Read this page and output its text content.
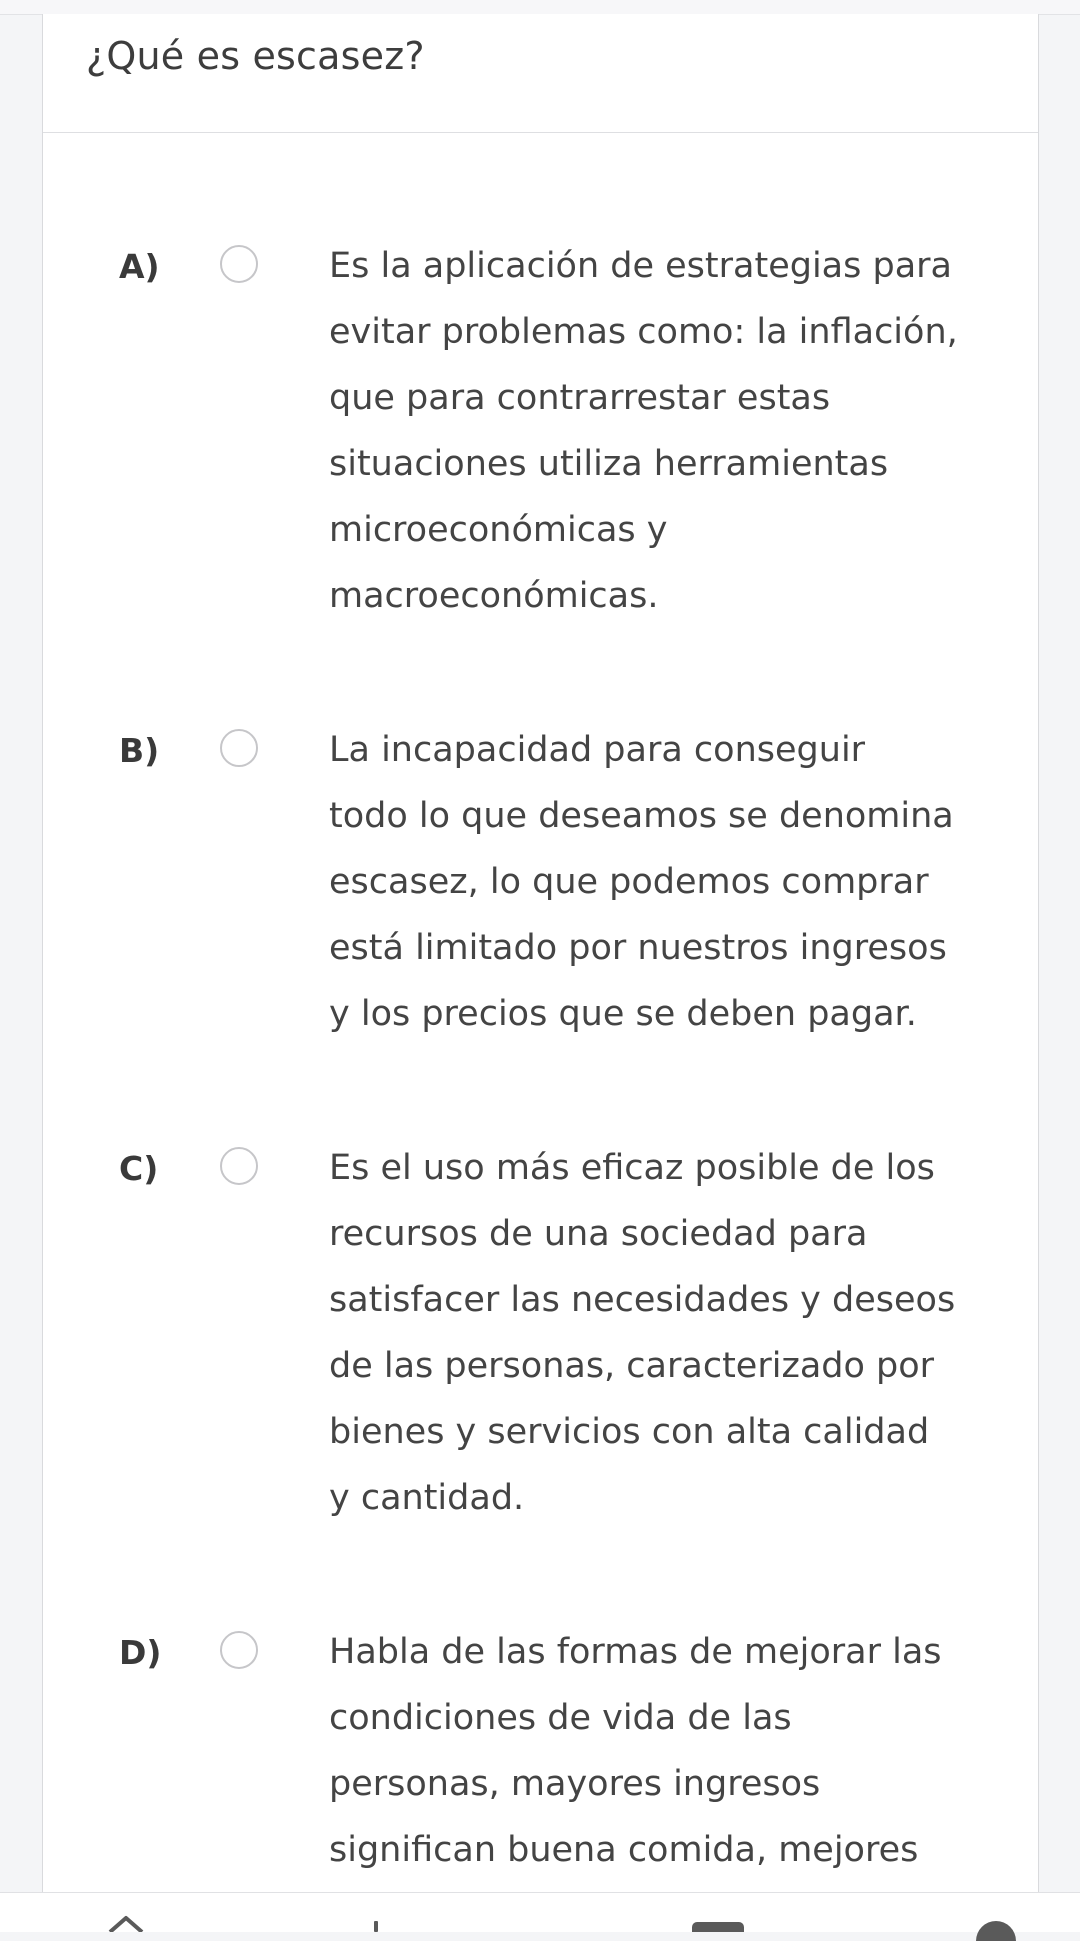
¿Qué es escasez?
A)	Es la aplicación de estrategias para
evitar problemas como: la inflación,
que para contrarrestar estas
situaciones utiliza herramientas
microeconómicas y
macroeconómicas.
B)	La incapacidad para conseguir
todo lo que deseamos se denomina
escasez, lo que podemos comprar
está limitado por nuestros ingresos
y los precios que se deben pagar.
C)	Es el uso más eficaz posible de los
recursos de una sociedad para
satisfacer las necesidades y deseos
de las personas, caracterizado por
bienes y servicios con alta calidad
y cantidad.
D)	Habla de las formas de mejorar las
condiciones de vida de las
personas, mayores ingresos
significan buena comida, mejores
